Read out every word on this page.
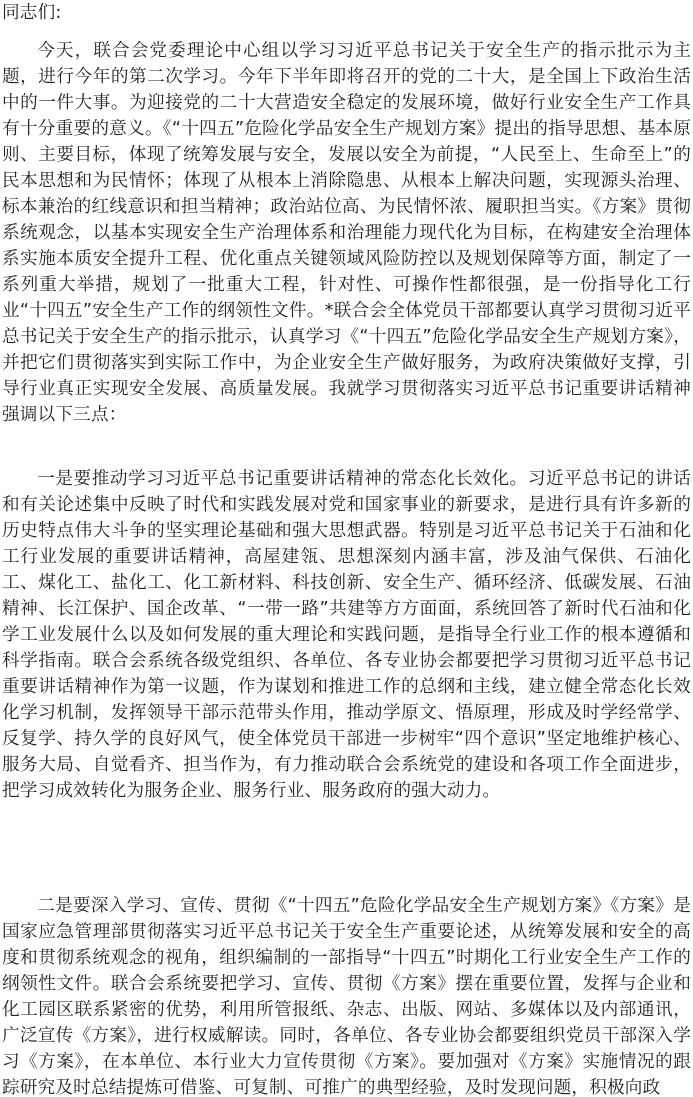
同志们:

今天，联合会党委理论中心组以学习习近平总书记关于安全生产的指示批示为主题，进行今年的第二次学习。今年下半年即将召开的党的二十大，是全国上下政治生活中的一件大事。为迎接党的二十大营造安全稳定的发展环境，做好行业安全生产工作具有十分重要的意义。《“十四五”危险化学品安全生产规划方案》提出的指导思想、基本原则、主要目标，体现了统筹发展与安全，发展以安全为前提，“人民至上、生命至上”的民本思想和为民情怀；体现了从根本上消除隐患、从根本上解决问题，实现源头治理、标本兼治的红线意识和担当精神；政治站位高、为民情怀浓、履职担当实。《方案》贯彻系统观念，以基本实现安全生产治理体系和治理能力现代化为目标，在构建安全治理体系实施本质安全提升工程、优化重点关键领域风险防控以及规划保障等方面，制定了一系列重大举措，规划了一批重大工程，针对性、可操作性都很强，是一份指导化工行业“十四五”安全生产工作的纲领性文件。*联合会全体党员干部都要认真学习贯彻习近平总书记关于安全生产的指示批示，认真学习《“十四五”危险化学品安全生产规划方案》，并把它们贯彻落实到实际工作中，为企业安全生产做好服务，为政府决策做好支撑，引导行业真正实现安全发展、高质量发展。我就学习贯彻落实习近平总书记重要讲话精神强调以下三点：

一是要推动学习习近平总书记重要讲话精神的常态化长效化。习近平总书记的讲话和有关论述集中反映了时代和实践发展对党和国家事业的新要求，是进行具有许多新的历史特点伟大斗争的坚实理论基础和强大思想武器。特别是习近平总书记关于石油和化工行业发展的重要讲话精神，高屋建瓴、思想深刻内涵丰富，涉及油气保供、石油化工、煤化工、盐化工、化工新材料、科技创新、安全生产、循环经济、低碳发展、石油精神、长江保护、国企改革、“一带一路”共建等方方面面，系统回答了新时代石油和化学工业发展什么以及如何发展的重大理论和实践问题，是指导全行业工作的根本遵循和科学指南。联合会系统各级党组织、各单位、各专业协会都要把学习贯彻习近平总书记重要讲话精神作为第一议题，作为谋划和推进工作的总纲和主线，建立健全常态化长效化学习机制，发挥领导干部示范带头作用，推动学原文、悟原理，形成及时学经常学、反复学、持久学的良好风气，使全体党员干部进一步树牢“四个意识”坚定地维护核心、服务大局、自觉看齐、担当作为，有力推动联合会系统党的建设和各项工作全面进步，把学习成效转化为服务企业、服务行业、服务政府的强大动力。

二是要深入学习、宣传、贯彻《“十四五”危险化学品安全生产规划方案》《方案》是国家应急管理部贯彻落实习近平总书记关于安全生产重要论述，从统筹发展和安全的高度和贯彻系统观念的视角，组织编制的一部指导“十四五”时期化工行业安全生产工作的纲领性文件。联合会系统要把学习、宣传、贯彻《方案》摆在重要位置，发挥与企业和化工园区联系紧密的优势，利用所管报纸、杂志、出版、网站、多媒体以及内部通讯，广泛宣传《方案》，进行权威解读。同时，各单位、各专业协会都要组织党员干部深入学习《方案》，在本单位、本行业大力宣传贯彻《方案》。要加强对《方案》实施情况的跟踪研究及时总结提炼可借鉴、可复制、可推广的典型经验，及时发现问题，积极向政
